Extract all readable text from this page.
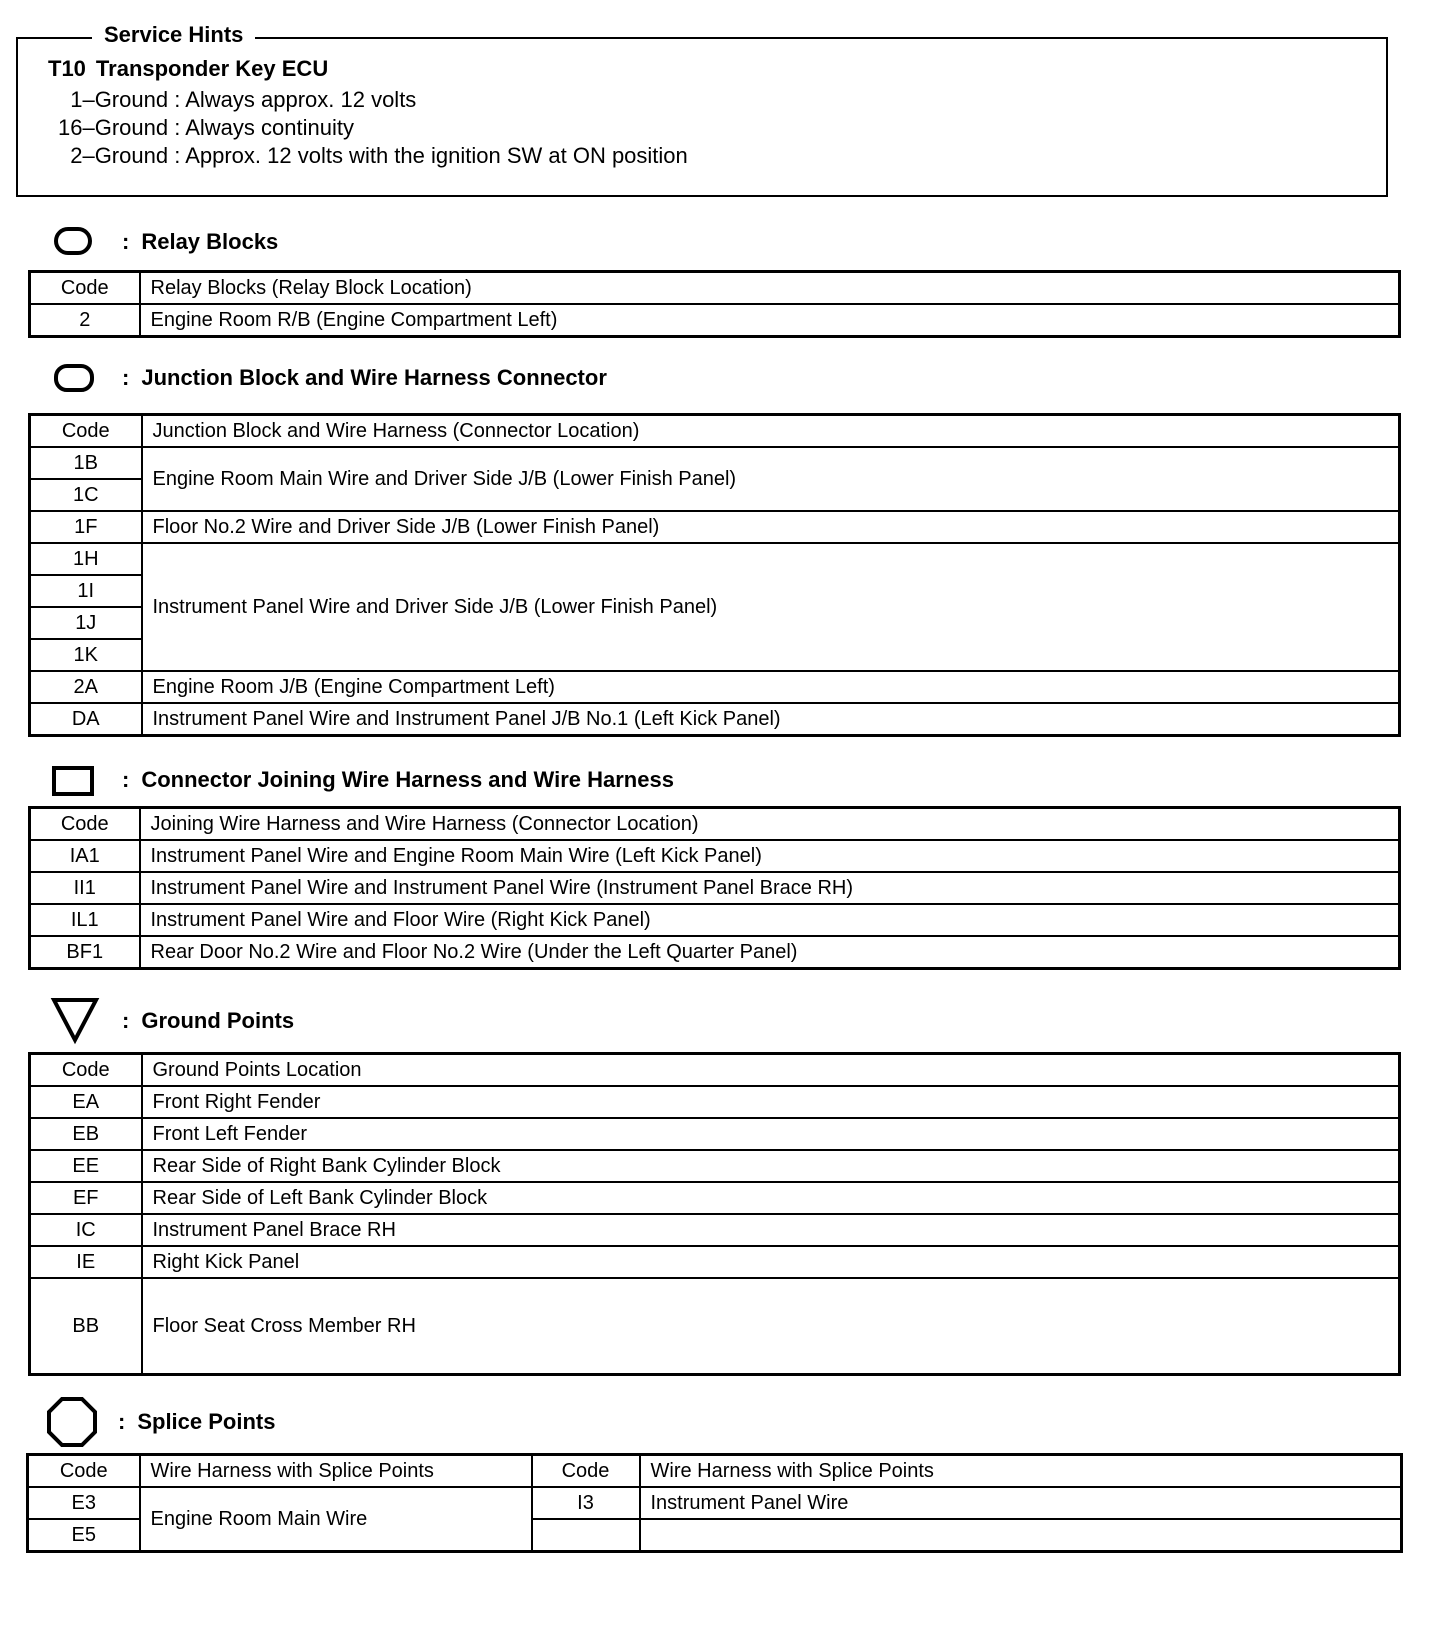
Service Hints
T10 Transponder Key ECU
1–Ground : Always approx. 12 volts
16–Ground : Always continuity
2–Ground : Approx. 12 volts with the ignition SW at ON position
: Relay Blocks
Code	Relay Blocks (Relay Block Location)
2	Engine Room R/B (Engine Compartment Left)
: Junction Block and Wire Harness Connector
Code	Junction Block and Wire Harness (Connector Location)
1B	Engine Room Main Wire and Driver Side J/B (Lower Finish Panel)
1C	
1F	Floor No.2 Wire and Driver Side J/B (Lower Finish Panel)
1H	Instrument Panel Wire and Driver Side J/B (Lower Finish Panel)
1I	
1J	
1K	
2A	Engine Room J/B (Engine Compartment Left)
DA	Instrument Panel Wire and Instrument Panel J/B No.1 (Left Kick Panel)
: Connector Joining Wire Harness and Wire Harness
Code	Joining Wire Harness and Wire Harness (Connector Location)
IA1	Instrument Panel Wire and Engine Room Main Wire (Left Kick Panel)
II1	Instrument Panel Wire and Instrument Panel Wire (Instrument Panel Brace RH)
IL1	Instrument Panel Wire and Floor Wire (Right Kick Panel)
BF1	Rear Door No.2 Wire and Floor No.2 Wire (Under the Left Quarter Panel)
: Ground Points
Code	Ground Points Location
EA	Front Right Fender
EB	Front Left Fender
EE	Rear Side of Right Bank Cylinder Block
EF	Rear Side of Left Bank Cylinder Block
IC	Instrument Panel Brace RH
IE	Right Kick Panel
BB	Floor Seat Cross Member RH
: Splice Points
Code	Wire Harness with Splice Points	Code	Wire Harness with Splice Points
E3	Engine Room Main Wire	I3	Instrument Panel Wire
E5			
